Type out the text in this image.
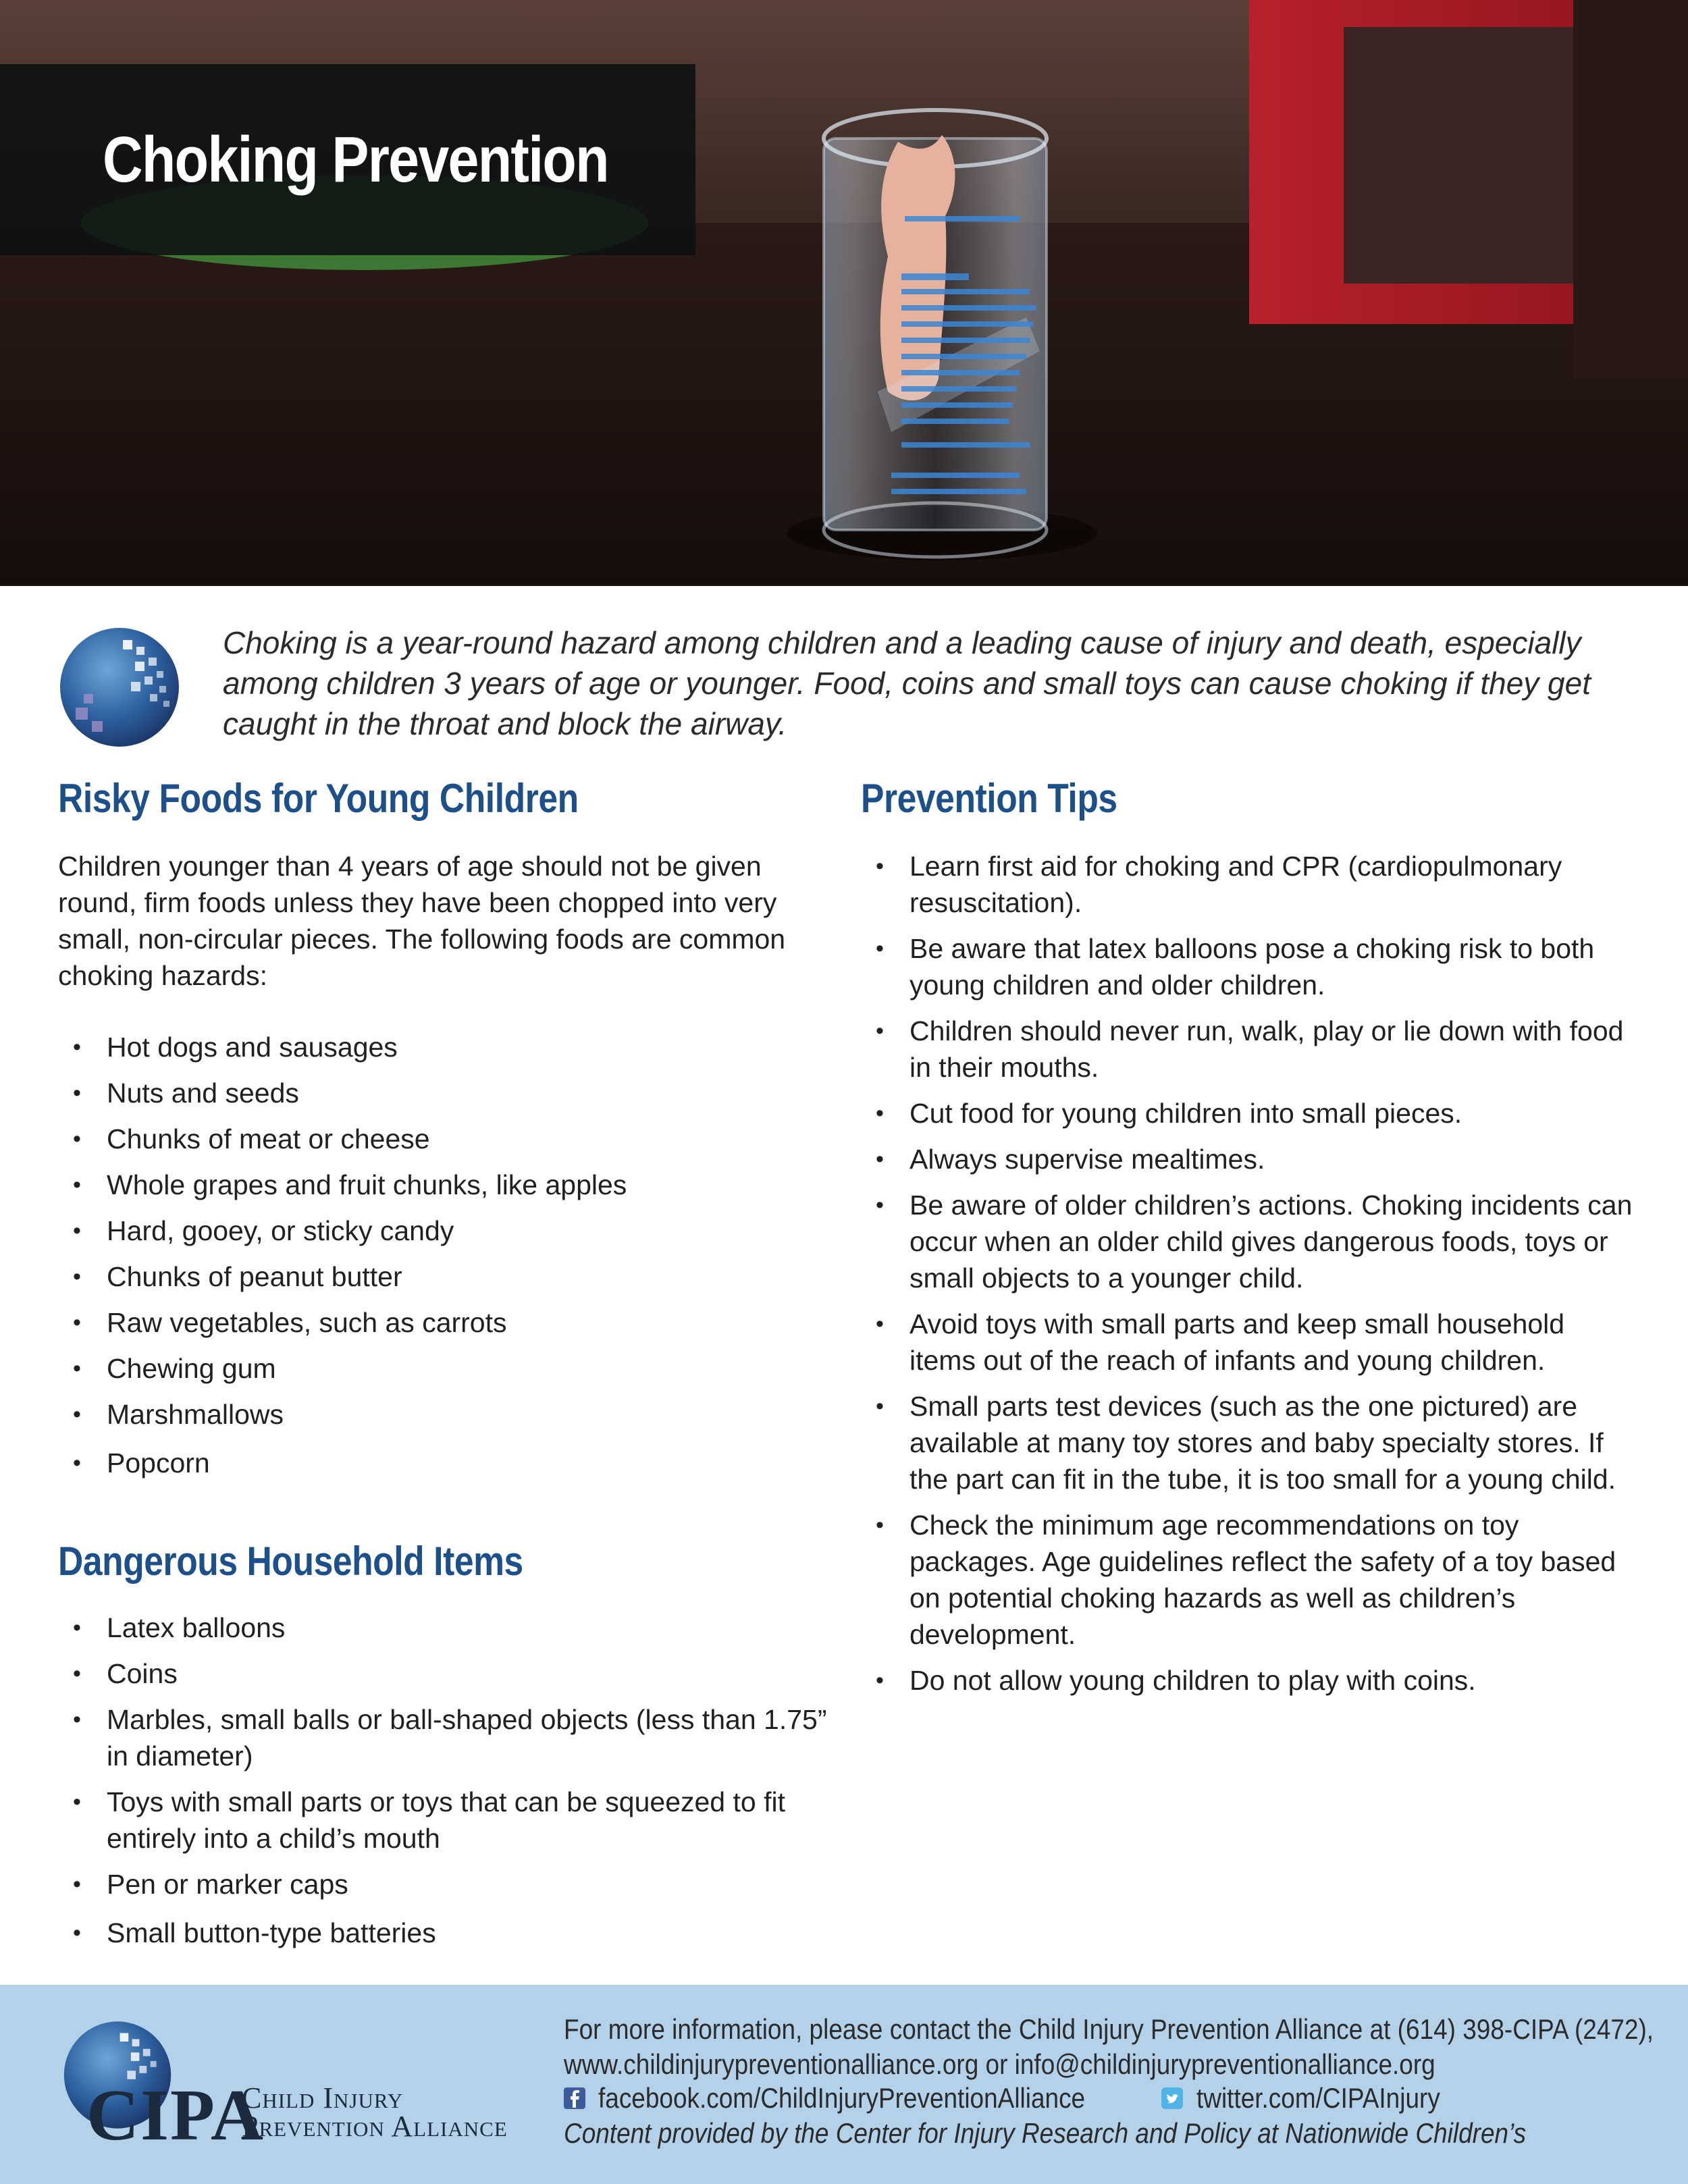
Choking Prevention
Choking is a year-round hazard among children and a leading cause of injury and death, especially among children 3 years of age or younger. Food, coins and small toys can cause choking if they get caught in the throat and block the airway.
Risky Foods for Young Children
Children younger than 4 years of age should not be given round, firm foods unless they have been chopped into very small, non-circular pieces. The following foods are common choking hazards:
• Hot dogs and sausages
• Nuts and seeds
• Chunks of meat or cheese
• Whole grapes and fruit chunks, like apples
• Hard, gooey, or sticky candy
• Chunks of peanut butter
• Raw vegetables, such as carrots
• Chewing gum
• Marshmallows
• Popcorn
Dangerous Household Items
• Latex balloons
• Coins
• Marbles, small balls or ball-shaped objects (less than 1.75” in diameter)
• Toys with small parts or toys that can be squeezed to fit entirely into a child’s mouth
• Pen or marker caps
• Small button-type batteries
Prevention Tips
• Learn first aid for choking and CPR (cardiopulmonary resuscitation).
• Be aware that latex balloons pose a choking risk to both young children and older children.
• Children should never run, walk, play or lie down with food in their mouths.
• Cut food for young children into small pieces.
• Always supervise mealtimes.
• Be aware of older children’s actions. Choking incidents can occur when an older child gives dangerous foods, toys or small objects to a younger child.
• Avoid toys with small parts and keep small household items out of the reach of infants and young children.
• Small parts test devices (such as the one pictured) are available at many toy stores and baby specialty stores. If the part can fit in the tube, it is too small for a young child.
• Check the minimum age recommendations on toy packages. Age guidelines reflect the safety of a toy based on potential choking hazards as well as children’s development.
• Do not allow young children to play with coins.
CIPA
Child Injury
Prevention Alliance
For more information, please contact the Child Injury Prevention Alliance at (614) 398-CIPA (2472),
www.childinjurypreventionalliance.org or info@childinjurypreventionalliance.org
facebook.com/ChildInjuryPreventionAlliance	twitter.com/CIPAInjury
Content provided by the Center for Injury Research and Policy at Nationwide Children’s
